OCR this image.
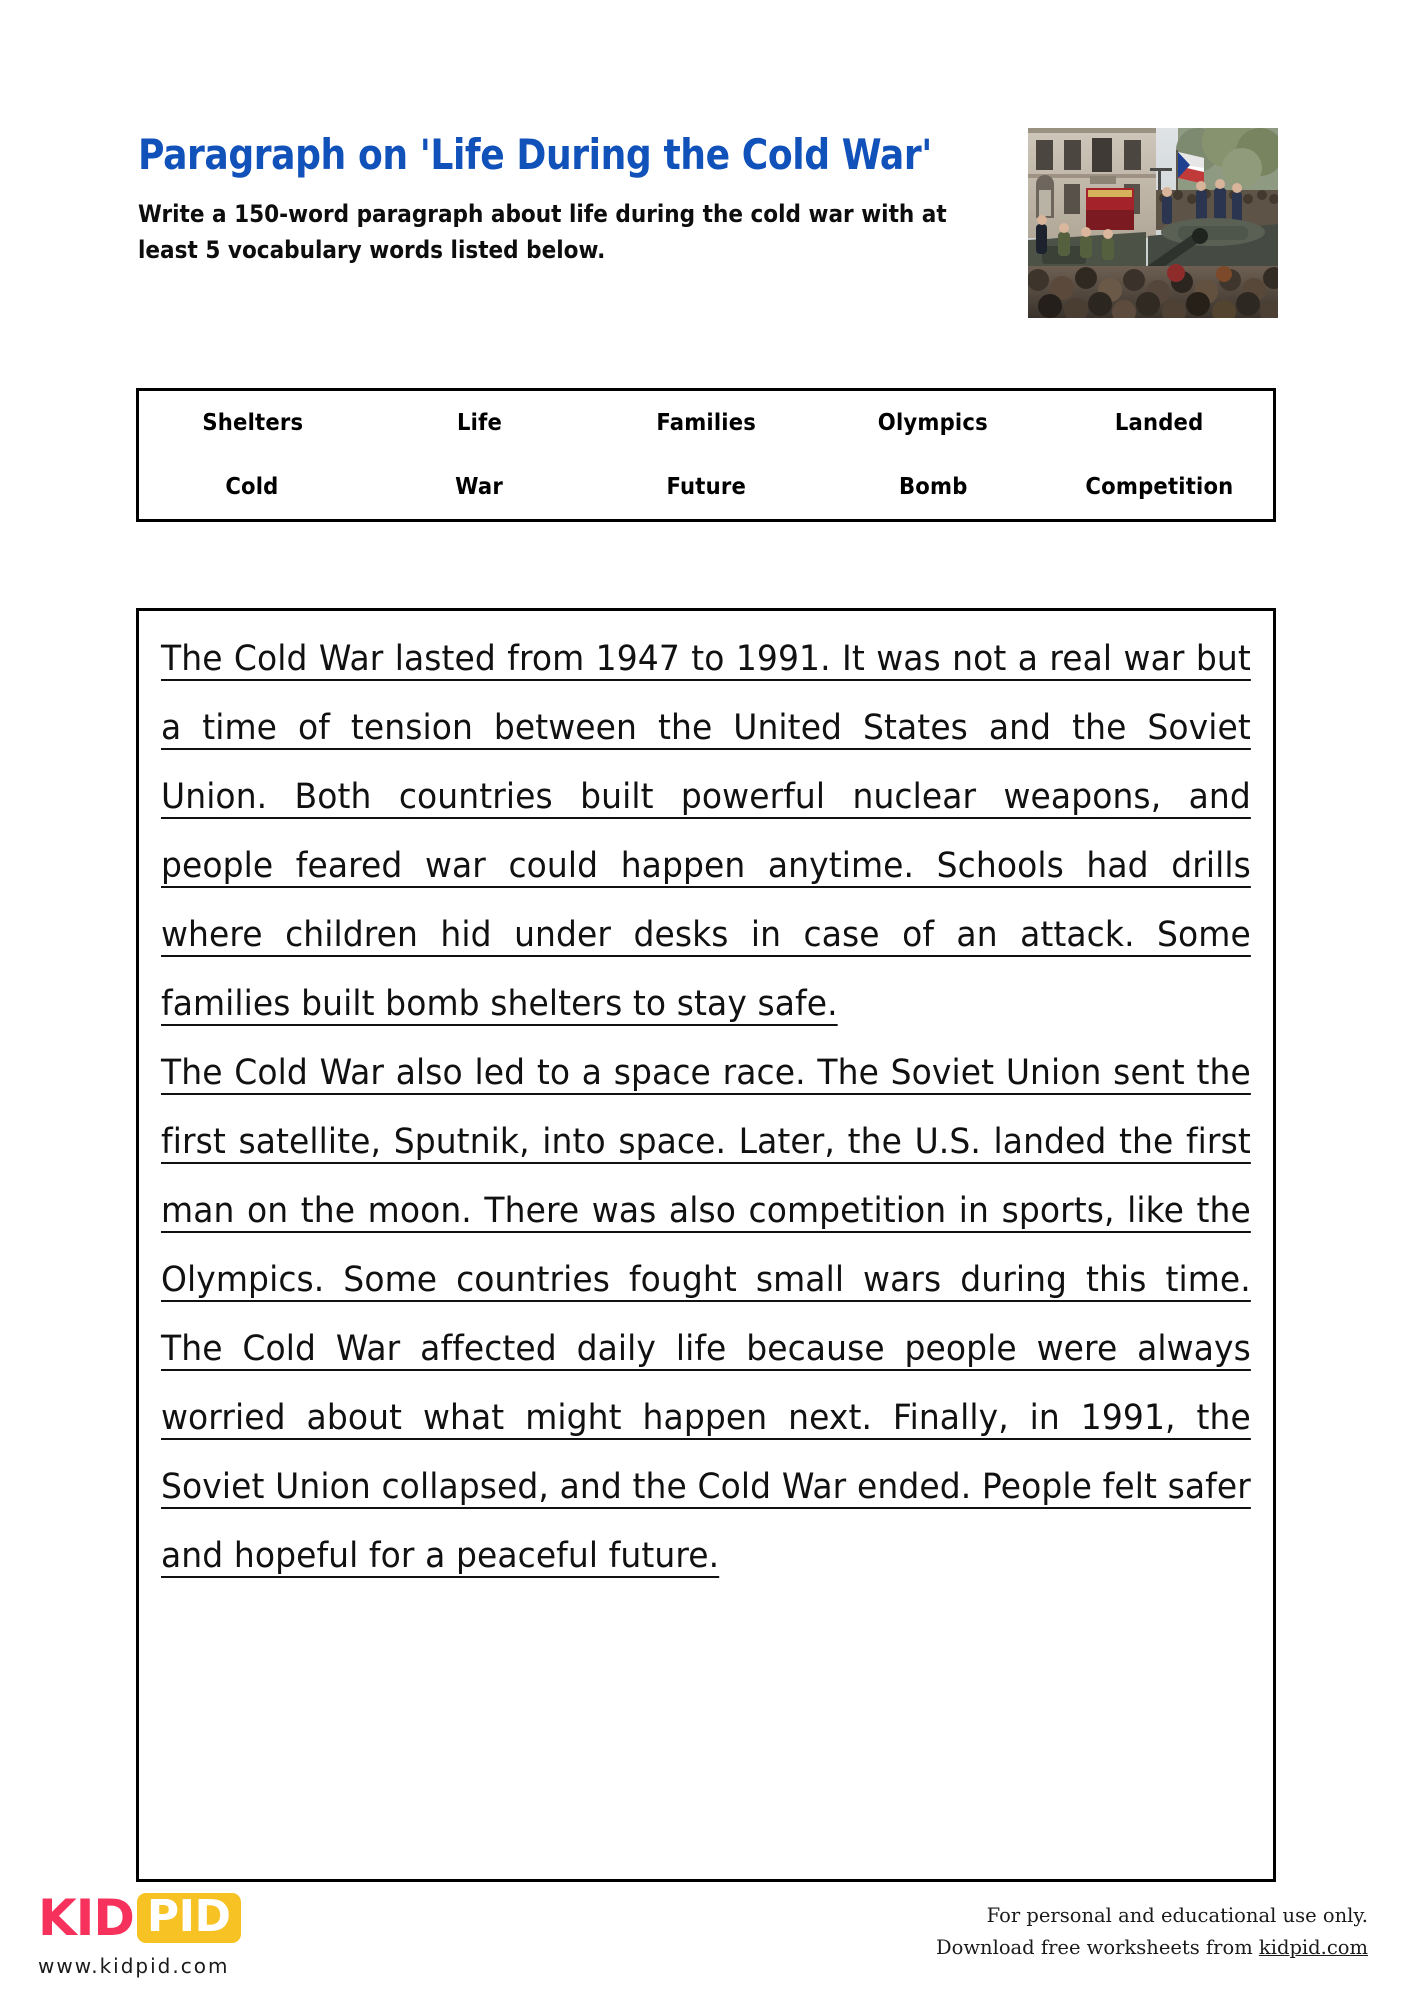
Paragraph on 'Life During the Cold War'

Write a 150-word paragraph about life during the cold war with at least 5 vocabulary words listed below.

Shelters	Life	Families	Olympics	Landed
Cold	War	Future	Bomb	Competition

The Cold War lasted from 1947 to 1991. It was not a real war but a time of tension between the United States and the Soviet Union. Both countries built powerful nuclear weapons, and people feared war could happen anytime. Schools had drills where children hid under desks in case of an attack. Some families built bomb shelters to stay safe.

The Cold War also led to a space race. The Soviet Union sent the first satellite, Sputnik, into space. Later, the U.S. landed the first man on the moon. There was also competition in sports, like the Olympics. Some countries fought small wars during this time. The Cold War affected daily life because people were always worried about what might happen next. Finally, in 1991, the Soviet Union collapsed, and the Cold War ended. People felt safer and hopeful for a peaceful future.

KID PID
www.kidpid.com
For personal and educational use only.
Download free worksheets from kidpid.com
